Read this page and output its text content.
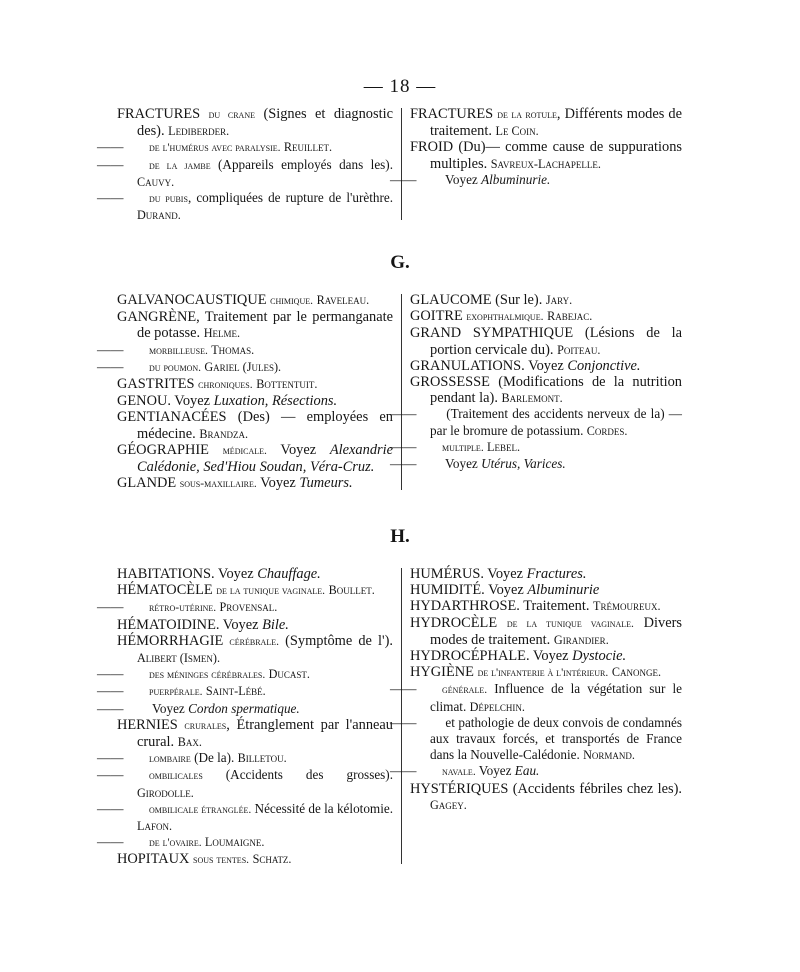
— 18 —
FRACTURES du crane (Signes et diagnostic des). Lediberder.
—— de l'humérus avec paralysie. Reuillet.
—— de la jambe (Appareils employés dans les). Cauvy.
—— du pubis, compliquées de rupture de l'urèthre. Durand.
FRACTURES de la rotule, Différents modes de traitement. Le Coin.
FROID (Du)— comme cause de suppurations multiples. Savreux-Lachapelle.
—— Voyez Albuminurie.
G.
GALVANOCAUSTIQUE chimique. Raveleau.
GANGRÈNE, Traitement par le permanganate de potasse. Helme.
—— morbilleuse. Thomas.
—— du poumon. Gariel (Jules).
GASTRITES chroniques. Bottentuit.
GENOU. Voyez Luxation, Résections.
GENTIANACÉES (Des) — employées en médecine. Brandza.
GÉOGRAPHIE médicale. Voyez Alexandrie Calédonie, Sed'Hiou Soudan, Véra-Cruz.
GLANDE sous-maxillaire. Voyez Tumeurs.
GLAUCOME (Sur le). Jary.
GOITRE exophthalmique. Rabejac.
GRAND SYMPATHIQUE (Lésions de la portion cervicale du). Poiteau.
GRANULATIONS. Voyez Conjonctive.
GROSSESSE (Modifications de la nutrition pendant la). Barlemont.
—— (Traitement des accidents nerveux de la) — par le bromure de potassium. Cordes.
—— multiple. Lebel.
—— Voyez Utérus, Varices.
H.
HABITATIONS. Voyez Chauffage.
HÉMATOCÈLE de la tunique vaginale. Boullet.
—— rétro-utérine. Provensal.
HÉMATOIDINE. Voyez Bile.
HÉMORRHAGIE cérébrale. (Symptôme de l'). Alibert (Ismen).
—— des méninges cérébrales. Ducast.
—— puerpérale. Saint-Lébé.
—— Voyez Cordon spermatique.
HERNIES crurales, Étranglement par l'anneau crural. Bax.
—— lombaire (De la). Billetou.
—— ombilicales (Accidents des grosses). Girodolle.
—— ombilicale étranglée. Nécessité de la kélotomie. Lafon.
—— de l'ovaire. Loumaigne.
HOPITAUX sous tentes. Schatz.
HUMÉRUS. Voyez Fractures.
HUMIDITÉ. Voyez Albuminurie
HYDARTHROSE. Traitement. Trémoureux.
HYDROCÈLE de la tunique vaginale. Divers modes de traitement. Girandier.
HYDROCÉPHALE. Voyez Dystocie.
HYGIÈNE de l'infanterie à l'intérieur. Canonge.
—— générale. Influence de la végétation sur le climat. Dépelchin.
—— et pathologie de deux convois de condamnés aux travaux forcés, et transportés de France dans la Nouvelle-Calédonie. Normand.
—— navale. Voyez Eau.
HYSTÉRIQUES (Accidents fébriles chez les). Gagey.
